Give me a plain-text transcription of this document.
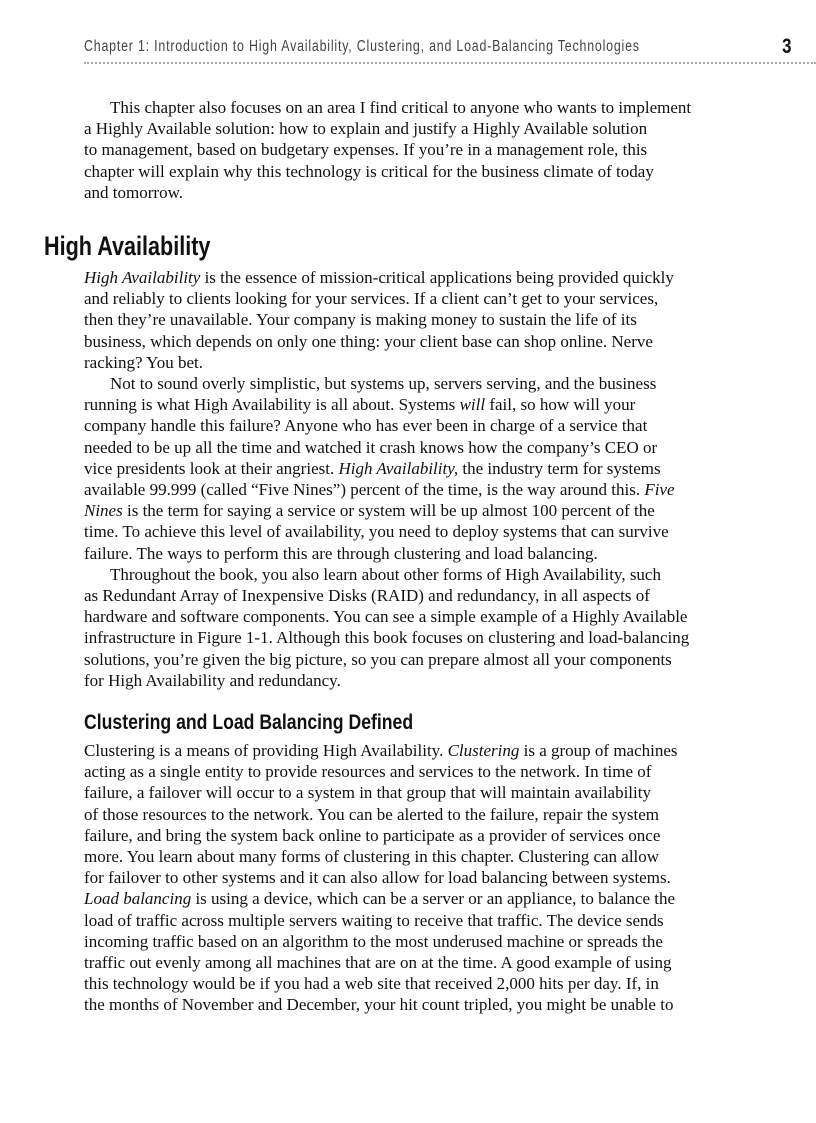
Chapter 1: Introduction to High Availability, Clustering, and Load-Balancing Technologies	3
This chapter also focuses on an area I find critical to anyone who wants to implement
a Highly Available solution: how to explain and justify a Highly Available solution
to management, based on budgetary expenses. If you’re in a management role, this
chapter will explain why this technology is critical for the business climate of today
and tomorrow.
High Availability
High Availability is the essence of mission-critical applications being provided quickly
and reliably to clients looking for your services. If a client can’t get to your services,
then they’re unavailable. Your company is making money to sustain the life of its
business, which depends on only one thing: your client base can shop online. Nerve
racking? You bet.
Not to sound overly simplistic, but systems up, servers serving, and the business
running is what High Availability is all about. Systems will fail, so how will your
company handle this failure? Anyone who has ever been in charge of a service that
needed to be up all the time and watched it crash knows how the company’s CEO or
vice presidents look at their angriest. High Availability, the industry term for systems
available 99.999 (called “Five Nines”) percent of the time, is the way around this. Five
Nines is the term for saying a service or system will be up almost 100 percent of the
time. To achieve this level of availability, you need to deploy systems that can survive
failure. The ways to perform this are through clustering and load balancing.
Throughout the book, you also learn about other forms of High Availability, such
as Redundant Array of Inexpensive Disks (RAID) and redundancy, in all aspects of
hardware and software components. You can see a simple example of a Highly Available
infrastructure in Figure 1-1. Although this book focuses on clustering and load-balancing
solutions, you’re given the big picture, so you can prepare almost all your components
for High Availability and redundancy.
Clustering and Load Balancing Defined
Clustering is a means of providing High Availability. Clustering is a group of machines
acting as a single entity to provide resources and services to the network. In time of
failure, a failover will occur to a system in that group that will maintain availability
of those resources to the network. You can be alerted to the failure, repair the system
failure, and bring the system back online to participate as a provider of services once
more. You learn about many forms of clustering in this chapter. Clustering can allow
for failover to other systems and it can also allow for load balancing between systems.
Load balancing is using a device, which can be a server or an appliance, to balance the
load of traffic across multiple servers waiting to receive that traffic. The device sends
incoming traffic based on an algorithm to the most underused machine or spreads the
traffic out evenly among all machines that are on at the time. A good example of using
this technology would be if you had a web site that received 2,000 hits per day. If, in
the months of November and December, your hit count tripled, you might be unable to
